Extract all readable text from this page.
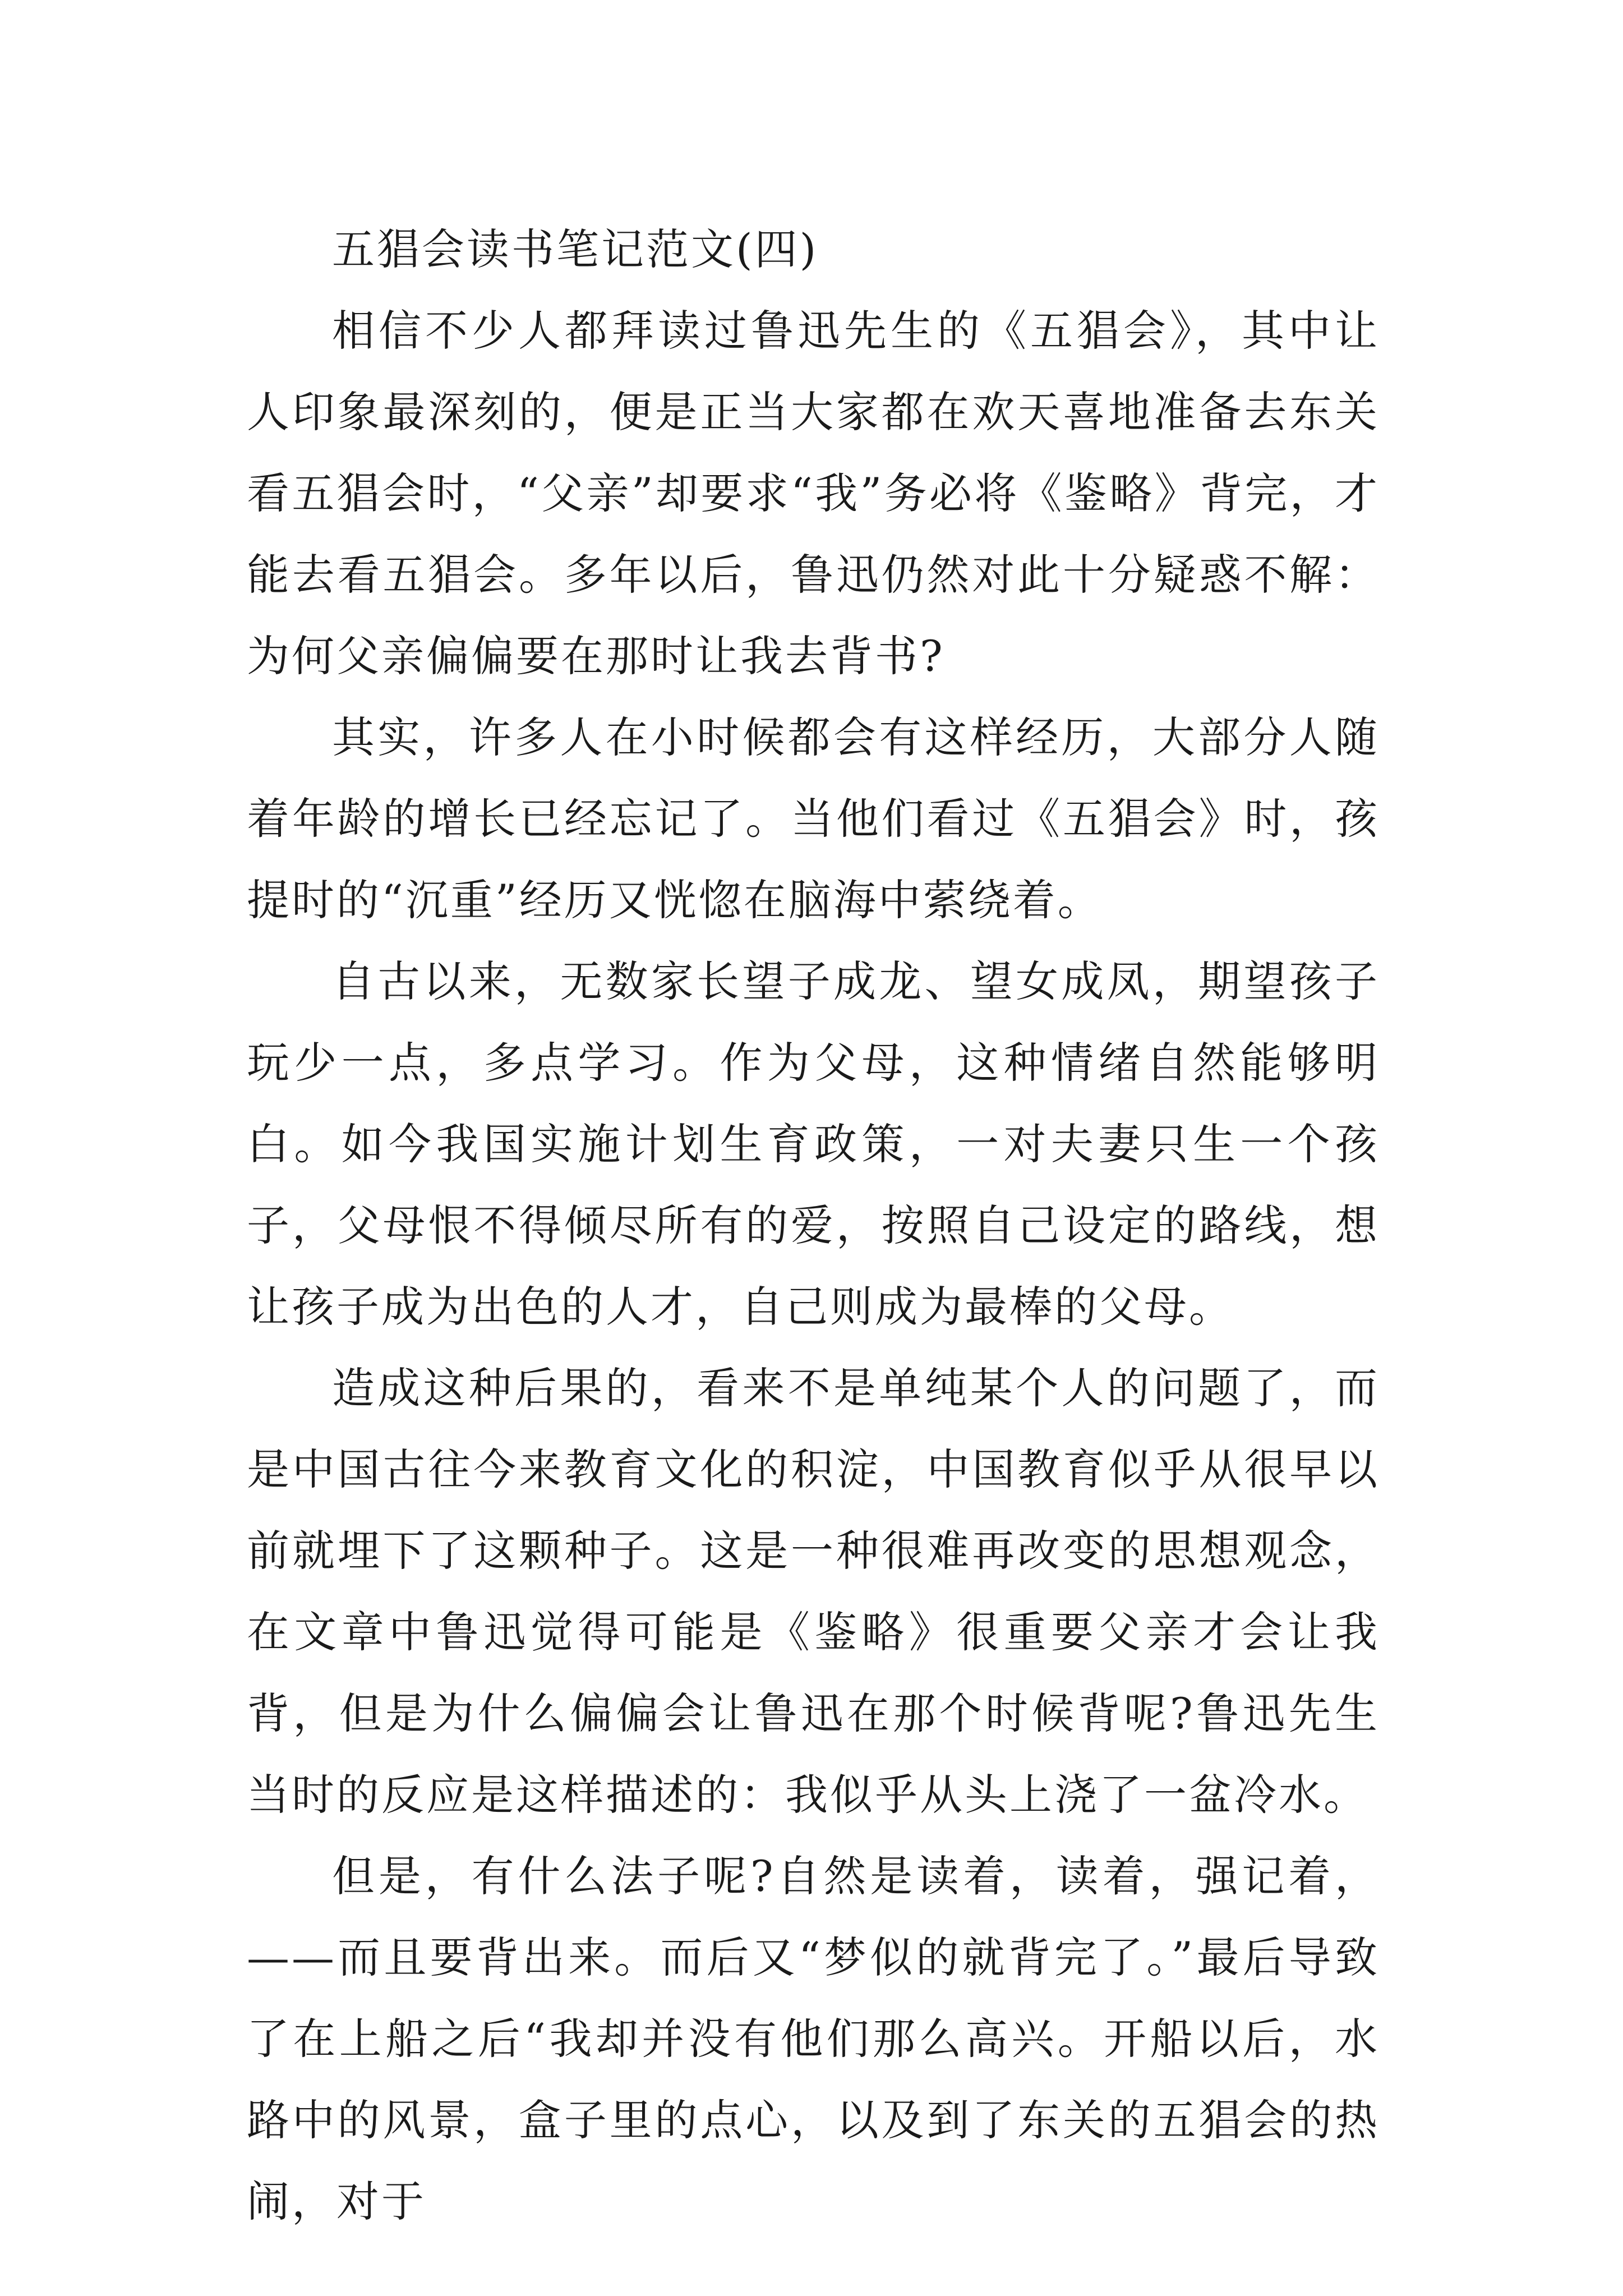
五猖会读书笔记范文(四)

相信不少人都拜读过鲁迅先生的《五猖会》，其中让人印象最深刻的，便是正当大家都在欢天喜地准备去东关看五猖会时，“父亲”却要求“我”务必将《鉴略》背完，才能去看五猖会。多年以后，鲁迅仍然对此十分疑惑不解：为何父亲偏偏要在那时让我去背书?

其实，许多人在小时候都会有这样经历，大部分人随着年龄的增长已经忘记了。当他们看过《五猖会》时，孩提时的“沉重”经历又恍惚在脑海中萦绕着。

自古以来，无数家长望子成龙、望女成凤，期望孩子玩少一点，多点学习。作为父母，这种情绪自然能够明白。如今我国实施计划生育政策，一对夫妻只生一个孩子，父母恨不得倾尽所有的爱，按照自己设定的路线，想让孩子成为出色的人才，自己则成为最棒的父母。

造成这种后果的，看来不是单纯某个人的问题了，而是中国古往今来教育文化的积淀，中国教育似乎从很早以前就埋下了这颗种子。这是一种很难再改变的思想观念，在文章中鲁迅觉得可能是《鉴略》很重要父亲才会让我背，但是为什么偏偏会让鲁迅在那个时候背呢?鲁迅先生当时的反应是这样描述的：我似乎从头上浇了一盆冷水。

但是，有什么法子呢?自然是读着，读着，强记着，——而且要背出来。而后又“梦似的就背完了。”最后导致了在上船之后“我却并没有他们那么高兴。开船以后，水路中的风景，盒子里的点心，以及到了东关的五猖会的热闹，对于
